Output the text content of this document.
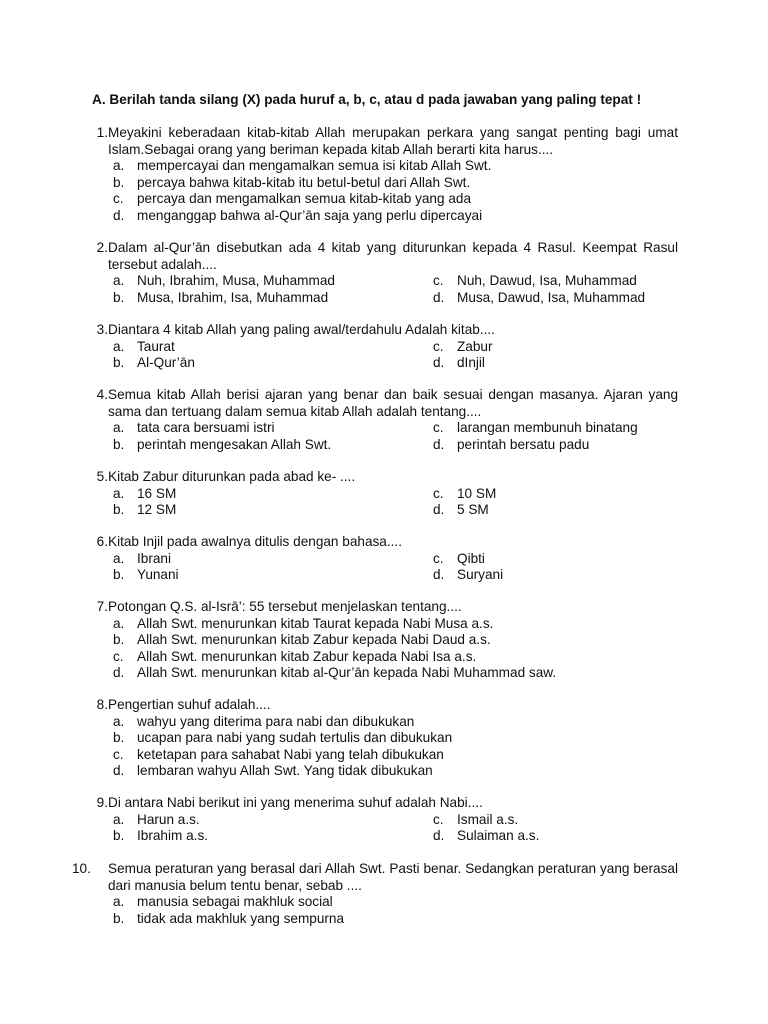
A. Berilah tanda silang (X) pada huruf a, b, c, atau d pada jawaban yang paling tepat !
1. Meyakini keberadaan kitab-kitab Allah merupakan perkara yang sangat penting bagi umat Islam.Sebagai orang yang beriman kepada kitab Allah berarti kita harus....
a. mempercayai dan mengamalkan semua isi kitab Allah Swt.
b. percaya bahwa kitab-kitab itu betul-betul dari Allah Swt.
c. percaya dan mengamalkan semua kitab-kitab yang ada
d. menganggap bahwa al-Qur’ān saja yang perlu dipercayai
2. Dalam al-Qur’ān disebutkan ada 4 kitab yang diturunkan kepada 4 Rasul. Keempat Rasul tersebut adalah....
a. Nuh, Ibrahim, Musa, Muhammad	c. Nuh, Dawud, Isa, Muhammad
b. Musa, Ibrahim, Isa, Muhammad	d. Musa, Dawud, Isa, Muhammad
3. Diantara 4 kitab Allah yang paling awal/terdahulu Adalah kitab....
a. Taurat	c. Zabur
b. Al-Qur’ān	d. dInjil
4. Semua kitab Allah berisi ajaran yang benar dan baik sesuai dengan masanya. Ajaran yang sama dan tertuang dalam semua kitab Allah adalah tentang....
a. tata cara bersuami istri	c. larangan membunuh binatang
b. perintah mengesakan Allah Swt.	d. perintah bersatu padu
5. Kitab Zabur diturunkan pada abad ke- ....
a. 16 SM	c. 10 SM
b. 12 SM	d. 5 SM
6. Kitab Injil pada awalnya ditulis dengan bahasa....
a. Ibrani	c. Qibti
b. Yunani	d. Suryani
7. Potongan Q.S. al-Isrā’: 55 tersebut menjelaskan tentang....
a. Allah Swt. menurunkan kitab Taurat kepada Nabi Musa a.s.
b. Allah Swt. menurunkan kitab Zabur kepada Nabi Daud a.s.
c. Allah Swt. menurunkan kitab Zabur kepada Nabi Isa a.s.
d. Allah Swt. menurunkan kitab al-Qur’ān kepada Nabi Muhammad saw.
8. Pengertian suhuf adalah....
a. wahyu yang diterima para nabi dan dibukukan
b. ucapan para nabi yang sudah tertulis dan dibukukan
c. ketetapan para sahabat Nabi yang telah dibukukan
d. lembaran wahyu Allah Swt. Yang tidak dibukukan
9. Di antara Nabi berikut ini yang menerima suhuf adalah Nabi....
a. Harun a.s.	c. Ismail a.s.
b. Ibrahim a.s.	d. Sulaiman a.s.
10.	Semua peraturan yang berasal dari Allah Swt. Pasti benar. Sedangkan peraturan yang berasal dari manusia belum tentu benar, sebab ....
a. manusia sebagai makhluk social
b. tidak ada makhluk yang sempurna
